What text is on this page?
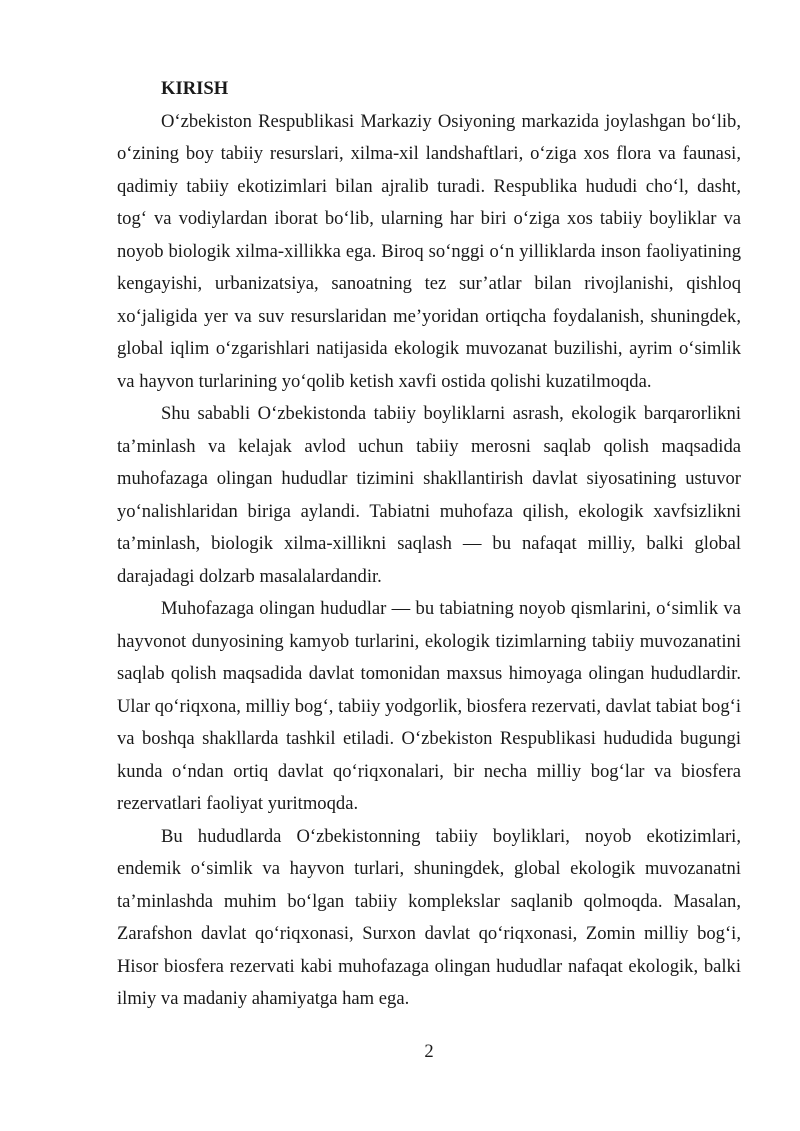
KIRISH

O‘zbekiston Respublikasi Markaziy Osiyoning markazida joylashgan bo‘lib, o‘zining boy tabiiy resurslari, xilma-xil landshaftlari, o‘ziga xos flora va faunasi, qadimiy tabiiy ekotizimlari bilan ajralib turadi. Respublika hududi cho‘l, dasht, tog‘ va vodiylardan iborat bo‘lib, ularning har biri o‘ziga xos tabiiy boyliklar va noyob biologik xilma-xillikka ega. Biroq so‘nggi o‘n yilliklarda inson faoliyatining kengayishi, urbanizatsiya, sanoatning tez sur’atlar bilan rivojlanishi, qishloq xo‘jaligida yer va suv resurslaridan me’yoridan ortiqcha foydalanish, shuningdek, global iqlim o‘zgarishlari natijasida ekologik muvozanat buzilishi, ayrim o‘simlik va hayvon turlarining yo‘qolib ketish xavfi ostida qolishi kuzatilmoqda.

Shu sababli O‘zbekistonda tabiiy boyliklarni asrash, ekologik barqarorlikni ta’minlash va kelajak avlod uchun tabiiy merosni saqlab qolish maqsadida muhofazaga olingan hududlar tizimini shakllantirish davlat siyosatining ustuvor yo‘nalishlaridan biriga aylandi. Tabiatni muhofaza qilish, ekologik xavfsizlikni ta’minlash, biologik xilma-xillikni saqlash — bu nafaqat milliy, balki global darajadagi dolzarb masalalardandir.

Muhofazaga olingan hududlar — bu tabiatning noyob qismlarini, o‘simlik va hayvonot dunyosining kamyob turlarini, ekologik tizimlarning tabiiy muvozanatini saqlab qolish maqsadida davlat tomonidan maxsus himoyaga olingan hududlardir. Ular qo‘riqxona, milliy bog‘, tabiiy yodgorlik, biosfera rezervati, davlat tabiat bog‘i va boshqa shakllarda tashkil etiladi. O‘zbekiston Respublikasi hududida bugungi kunda o‘ndan ortiq davlat qo‘riqxonalari, bir necha milliy bog‘lar va biosfera rezervatlari faoliyat yuritmoqda.

Bu hududlarda O‘zbekistonning tabiiy boyliklari, noyob ekotizimlari, endemik o‘simlik va hayvon turlari, shuningdek, global ekologik muvozanatni ta’minlashda muhim bo‘lgan tabiiy komplekslar saqlanib qolmoqda. Masalan, Zarafshon davlat qo‘riqxonasi, Surxon davlat qo‘riqxonasi, Zomin milliy bog‘i, Hisor biosfera rezervati kabi muhofazaga olingan hududlar nafaqat ekologik, balki ilmiy va madaniy ahamiyatga ham ega.

2
